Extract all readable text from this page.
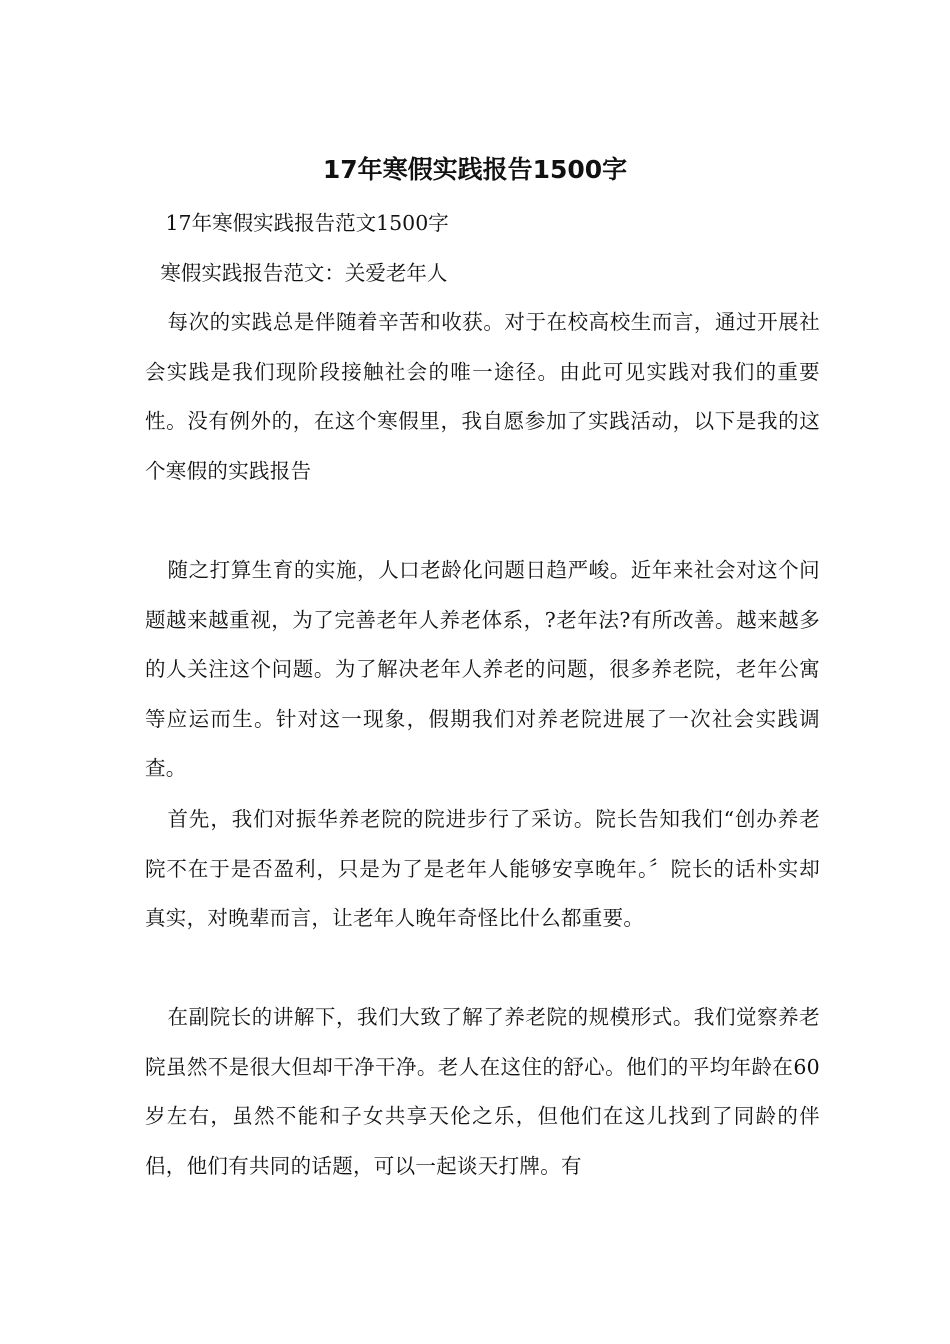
17年寒假实践报告1500字

17年寒假实践报告范文1500字

寒假实践报告范文：关爱老年人

每次的实践总是伴随着辛苦和收获。对于在校高校生而言，通过开展社会实践是我们现阶段接触社会的唯一途径。由此可见实践对我们的重要性。没有例外的，在这个寒假里，我自愿参加了实践活动，以下是我的这个寒假的实践报告

随之打算生育的实施，人口老龄化问题日趋严峻。近年来社会对这个问题越来越重视，为了完善老年人养老体系，?老年法?有所改善。越来越多的人关注这个问题。为了解决老年人养老的问题，很多养老院，老年公寓等应运而生。针对这一现象，假期我们对养老院进展了一次社会实践调查。

首先，我们对振华养老院的院进步行了采访。院长告知我们“创办养老院不在于是否盈利，只是为了是老年人能够安享晚年。〞院长的话朴实却真实，对晚辈而言，让老年人晚年奇怪比什么都重要。

在副院长的讲解下，我们大致了解了养老院的规模形式。我们觉察养老院虽然不是很大但却干净干净。老人在这住的舒心。他们的平均年龄在60岁左右，虽然不能和子女共享天伦之乐，但他们在这儿找到了同龄的伴侣，他们有共同的话题，可以一起谈天打牌。有
